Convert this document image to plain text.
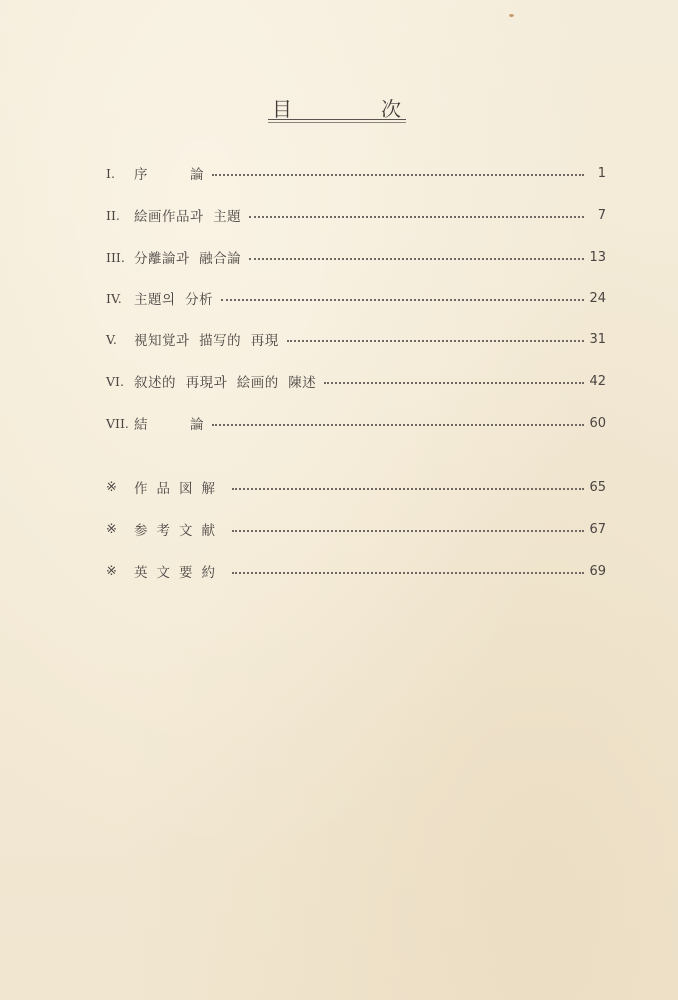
目	次
I.	序　　　論	1
II.	絵画作品과  主題	7
III. 分離論과  融合論	13
IV. 主題의  分析	24
V.	視知覚과  描写的  再現	31
VI. 叙述的  再現과  絵画的  陳述	42
VII. 結　　　論	60
※	作品図解	65
※	参考文献	67
※	英文要約	69
